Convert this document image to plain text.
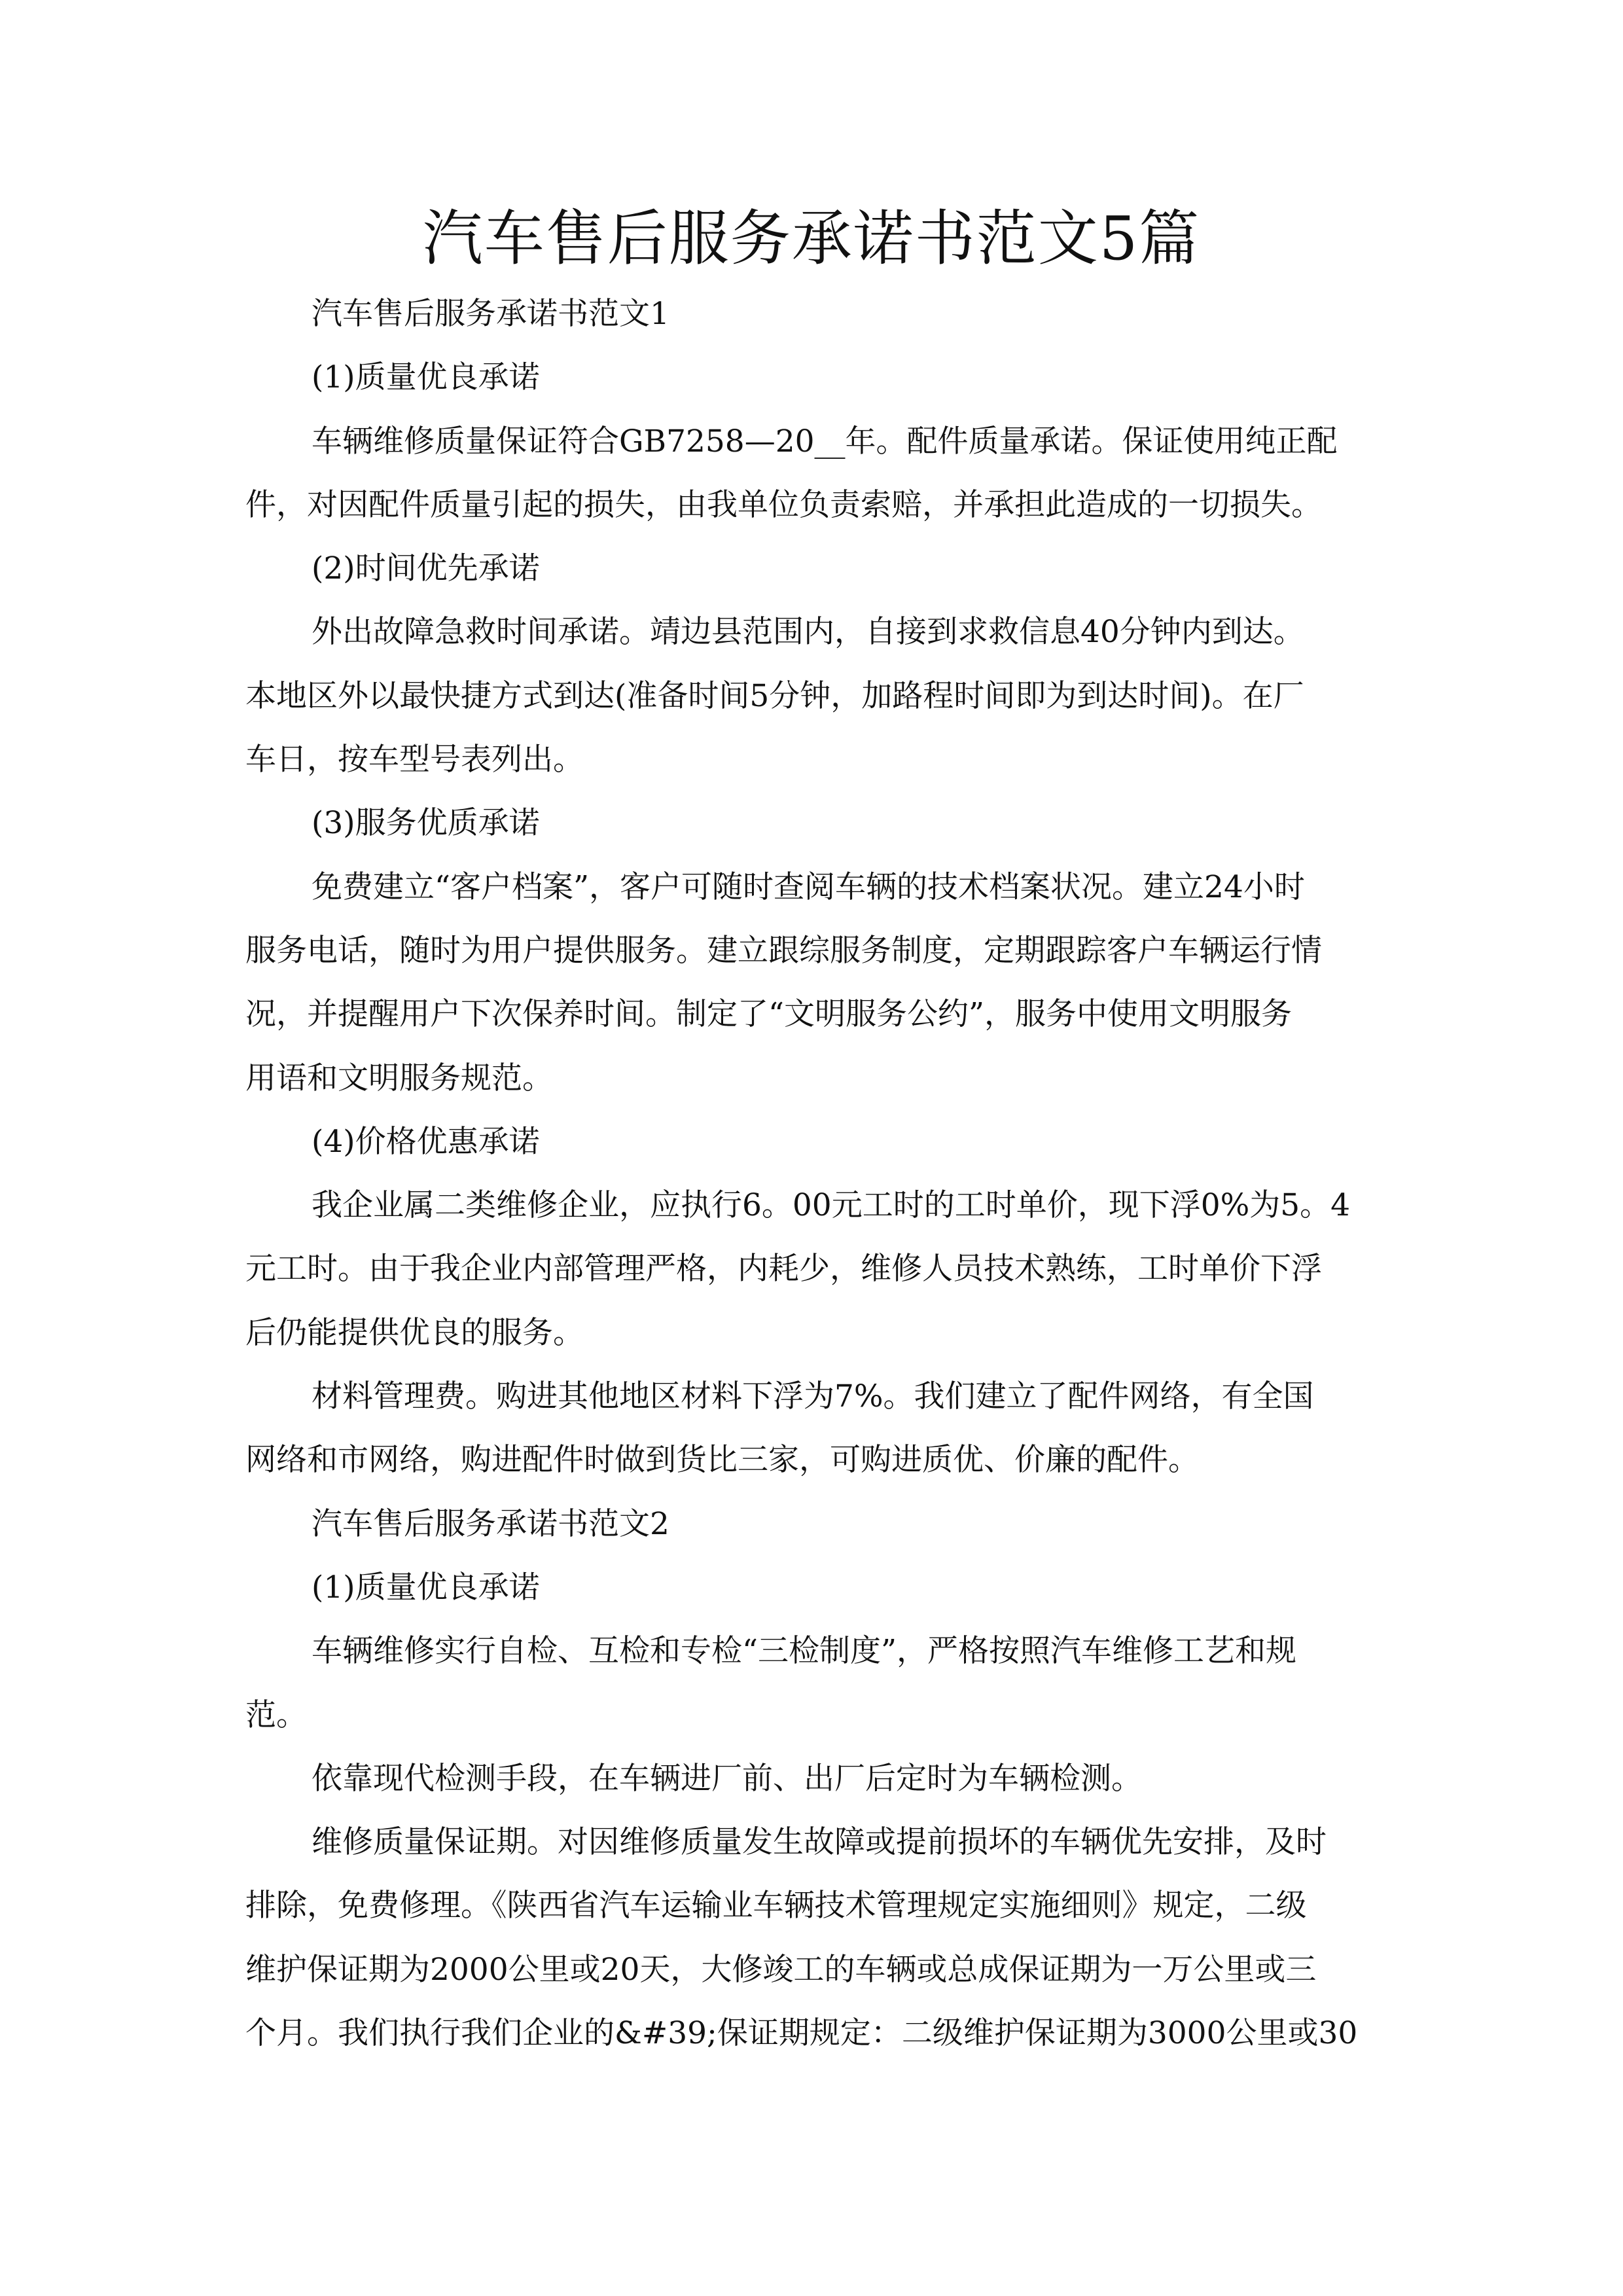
汽车售后服务承诺书范文5篇
汽车售后服务承诺书范文1
(1)质量优良承诺
车辆维修质量保证符合GB7258—20__年。配件质量承诺。保证使用纯正配
件，对因配件质量引起的损失，由我单位负责索赔，并承担此造成的一切损失。
(2)时间优先承诺
外出故障急救时间承诺。靖边县范围内，自接到求救信息40分钟内到达。
本地区外以最快捷方式到达(准备时间5分钟，加路程时间即为到达时间)。在厂
车日，按车型号表列出。
(3)服务优质承诺
免费建立“客户档案”，客户可随时查阅车辆的技术档案状况。建立24小时
服务电话，随时为用户提供服务。建立跟综服务制度，定期跟踪客户车辆运行情
况，并提醒用户下次保养时间。制定了“文明服务公约”，服务中使用文明服务
用语和文明服务规范。
(4)价格优惠承诺
我企业属二类维修企业，应执行6。00元工时的工时单价，现下浮0%为5。4
元工时。由于我企业内部管理严格，内耗少，维修人员技术熟练，工时单价下浮
后仍能提供优良的服务。
材料管理费。购进其他地区材料下浮为7%。我们建立了配件网络，有全国
网络和市网络，购进配件时做到货比三家，可购进质优、价廉的配件。
汽车售后服务承诺书范文2
(1)质量优良承诺
车辆维修实行自检、互检和专检“三检制度”，严格按照汽车维修工艺和规
范。
依靠现代检测手段，在车辆进厂前、出厂后定时为车辆检测。
维修质量保证期。对因维修质量发生故障或提前损坏的车辆优先安排，及时
排除，免费修理。《陕西省汽车运输业车辆技术管理规定实施细则》规定，二级
维护保证期为2000公里或20天，大修竣工的车辆或总成保证期为一万公里或三
个月。我们执行我们企业的&#39;保证期规定：二级维护保证期为3000公里或30
